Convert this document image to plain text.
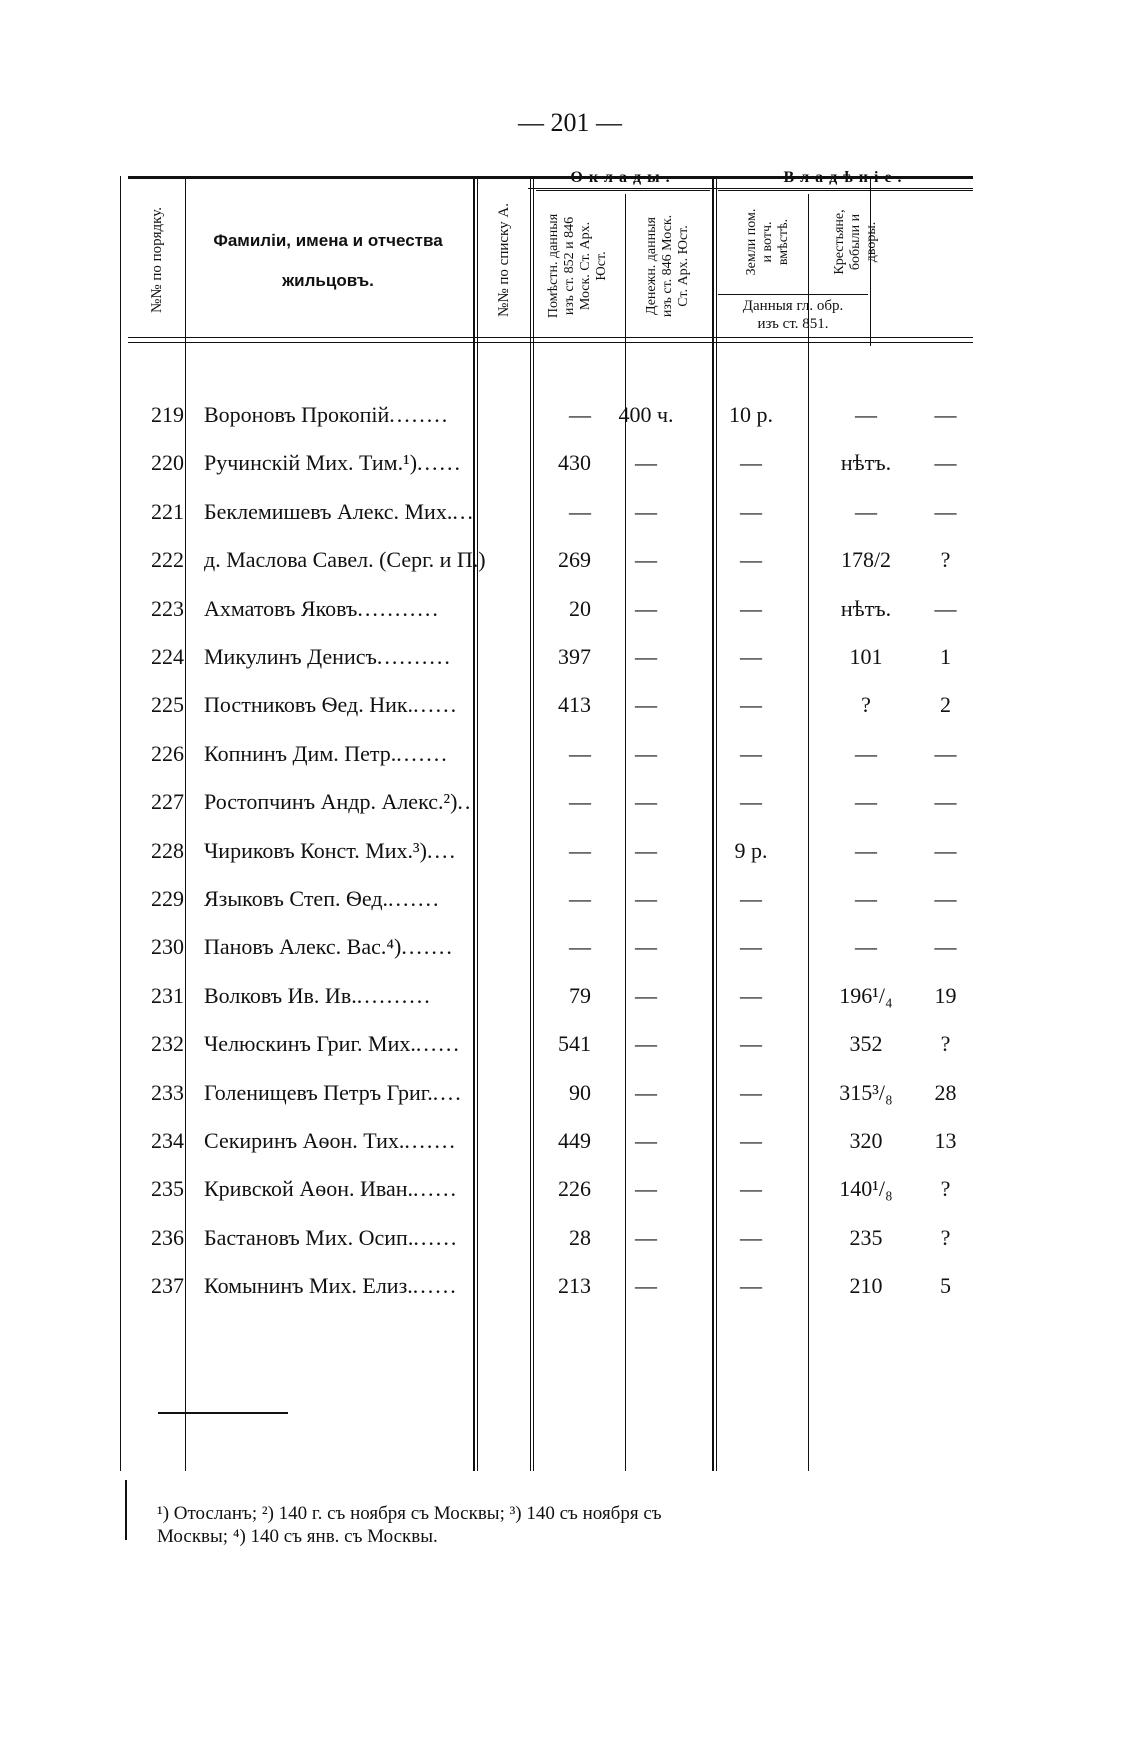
— 201 —
№№ по порядку.	Фамиліи, имена и отчества
жильцовъ.	№№ по списку А.
Оклады.
Помѣстн. данныя изъ ст. 852 и 846 Моск. Ст. Арх. Юст.	Денежн. данныя изъ ст. 846 Моск. Ст. Арх. Юст.
Владѣніе.
Земли пом. и вотч. вмѣстѣ.	Крестьяне, бобыли и дворы.
Данныя гл. обр.
изъ ст. 851.
219 Вороновъ Прокопій........	—	400 ч.	10 р.	—	—
220 Ручинскій Мих. Тим.¹)......	430	—	—	нѣтъ.	—
221 Беклемишевъ Алекс. Мих....	—	—	—	—	—
222 д. Маслова Савел. (Серг. и П.)	269	—	—	178/2	?
223 Ахматовъ Яковъ...........	20	—	—	нѣтъ.	—
224 Микулинъ Денисъ..........	397	—	—	101	1
225 Постниковъ Ѳед. Ник.......	413	—	—	?	2
226 Копнинъ Дим. Петр........	—	—	—	—	—
227 Ростопчинъ Андр. Алекс.²)..	—	—	—	—	—
228 Чириковъ Конст. Мих.³)....	—	—	9 р.	—	—
229 Языковъ Степ. Ѳед........	—	—	—	—	—
230 Пановъ Алекс. Вас.⁴).......	—	—	—	—	—
231 Волковъ Ив. Ив...........	79	—	—	196¹/₄	19
232 Челюскинъ Григ. Мих.......	541	—	—	352	?
233 Голенищевъ Петръ Григ.....	90	—	—	315³/₈	28
234 Секиринъ Аѳон. Тих........	449	—	—	320	13
235 Кривской Аѳон. Иван.......	226	—	—	140¹/₈	?
236 Бастановъ Мих. Осип.......	28	—	—	235	?
237 Комынинъ Мих. Елиз.......	213	—	—	210	5
¹) Отосланъ; ²) 140 г. съ ноября съ Москвы; ³) 140 съ ноября съ
Москвы; ⁴) 140 съ янв. съ Москвы.
